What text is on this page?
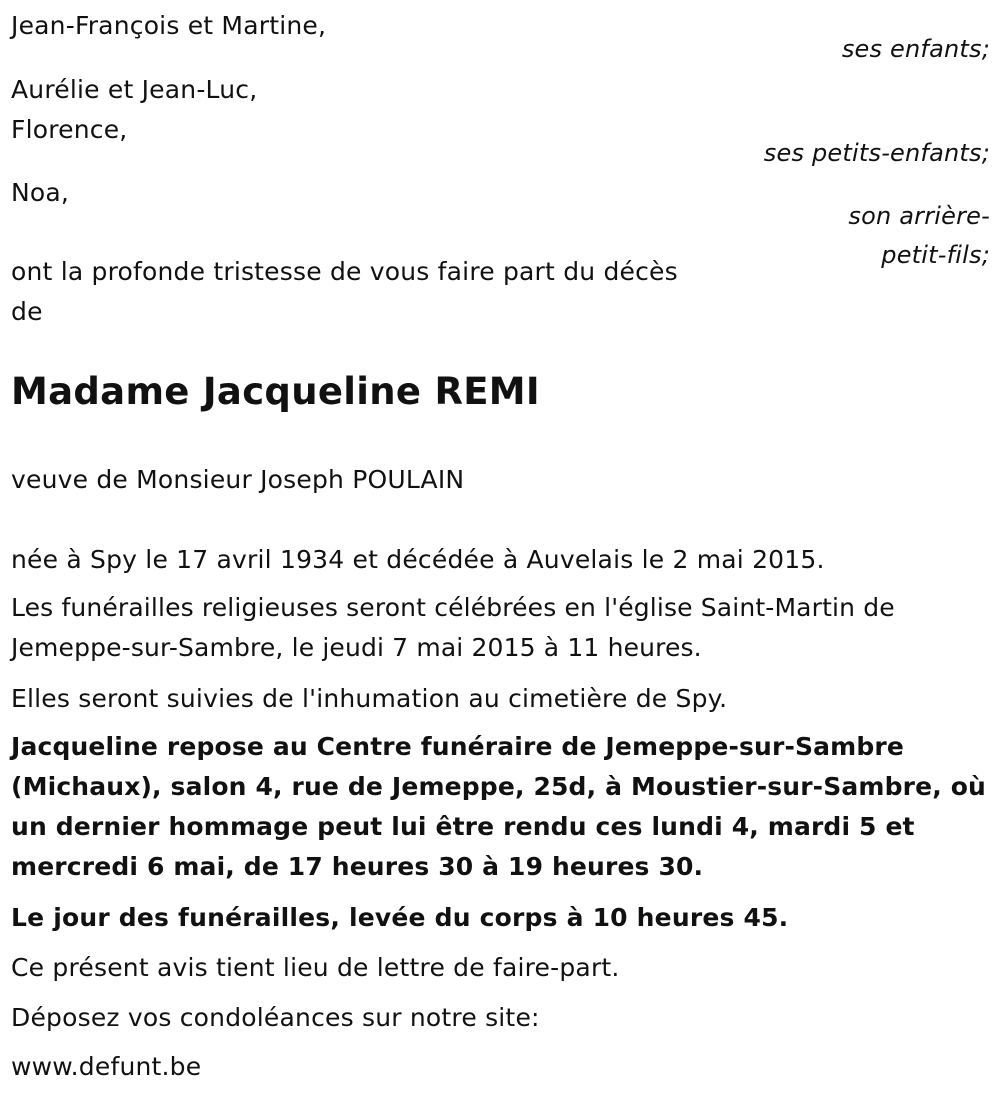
Jean-François et Martine,
ses enfants;
Aurélie et Jean-Luc,
Florence,
ses petits-enfants;
Noa,
son arrière-
petit-fils;
ont la profonde tristesse de vous faire part du décès
de
Madame Jacqueline REMI
veuve de Monsieur Joseph POULAIN
née à Spy le 17 avril 1934 et décédée à Auvelais le 2 mai 2015.
Les funérailles religieuses seront célébrées en l'église Saint-Martin de Jemeppe-sur-Sambre, le jeudi 7 mai 2015 à 11 heures.
Elles seront suivies de l'inhumation au cimetière de Spy.
Jacqueline repose au Centre funéraire de Jemeppe-sur-Sambre (Michaux), salon 4, rue de Jemeppe, 25d, à Moustier-sur-Sambre, où un dernier hommage peut lui être rendu ces lundi 4, mardi 5 et mercredi 6 mai, de 17 heures 30 à 19 heures 30.
Le jour des funérailles, levée du corps à 10 heures 45.
Ce présent avis tient lieu de lettre de faire-part.
Déposez vos condoléances sur notre site:
www.defunt.be
